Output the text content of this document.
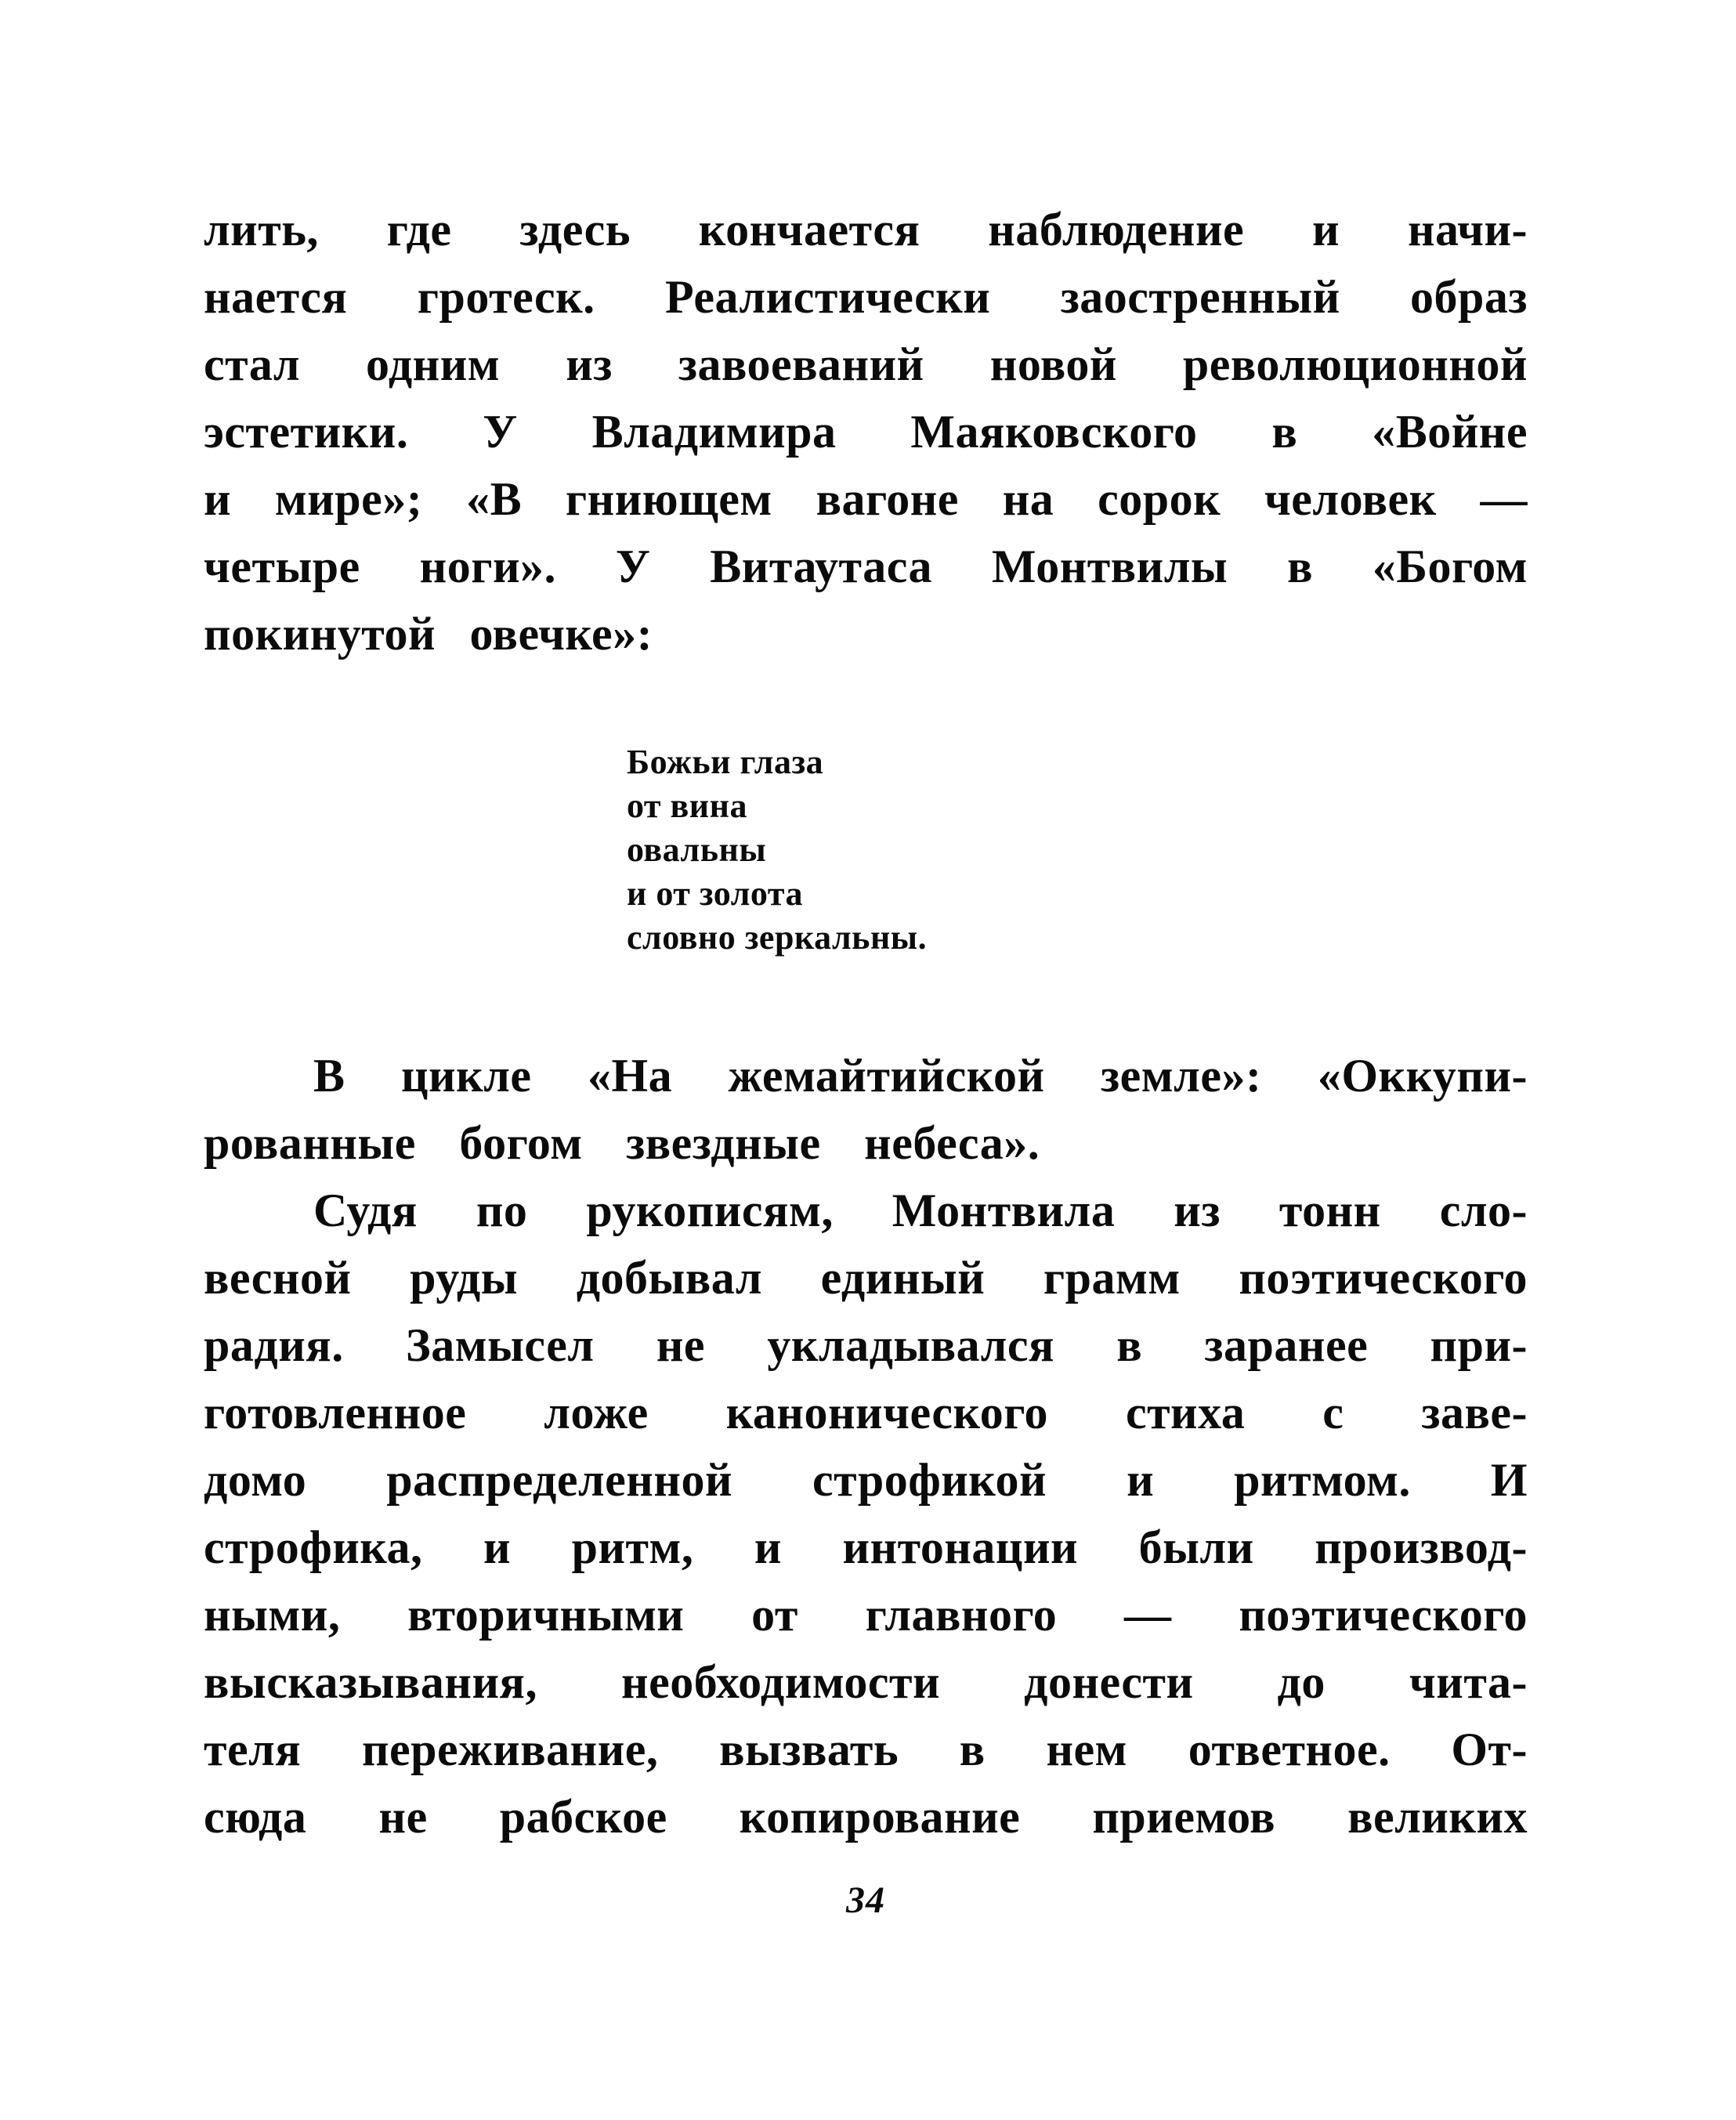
лить, где здесь кончается наблюдение и начи-
нается гротеск. Реалистически заостренный образ
стал одним из завоеваний новой революционной
эстетики. У Владимира Маяковского в «Войне
и мире»; «В гниющем вагоне на сорок человек —
четыре ноги». У Витаутаса Монтвилы в «Богом
покинутой овечке»:
Божьи глаза
от вина
овальны
и от золота
словно зеркальны.
В цикле «На жемайтийской земле»: «Оккупи-
рованные богом звездные небеса».
Судя по рукописям, Монтвила из тонн сло-
весной руды добывал единый грамм поэтического
радия. Замысел не укладывался в заранее при-
готовленное ложе канонического стиха с заве-
домо распределенной строфикой и ритмом. И
строфика, и ритм, и интонации были производ-
ными, вторичными от главного — поэтического
высказывания, необходимости донести до чита-
теля переживание, вызвать в нем ответное. От-
сюда не рабское копирование приемов великих
34
